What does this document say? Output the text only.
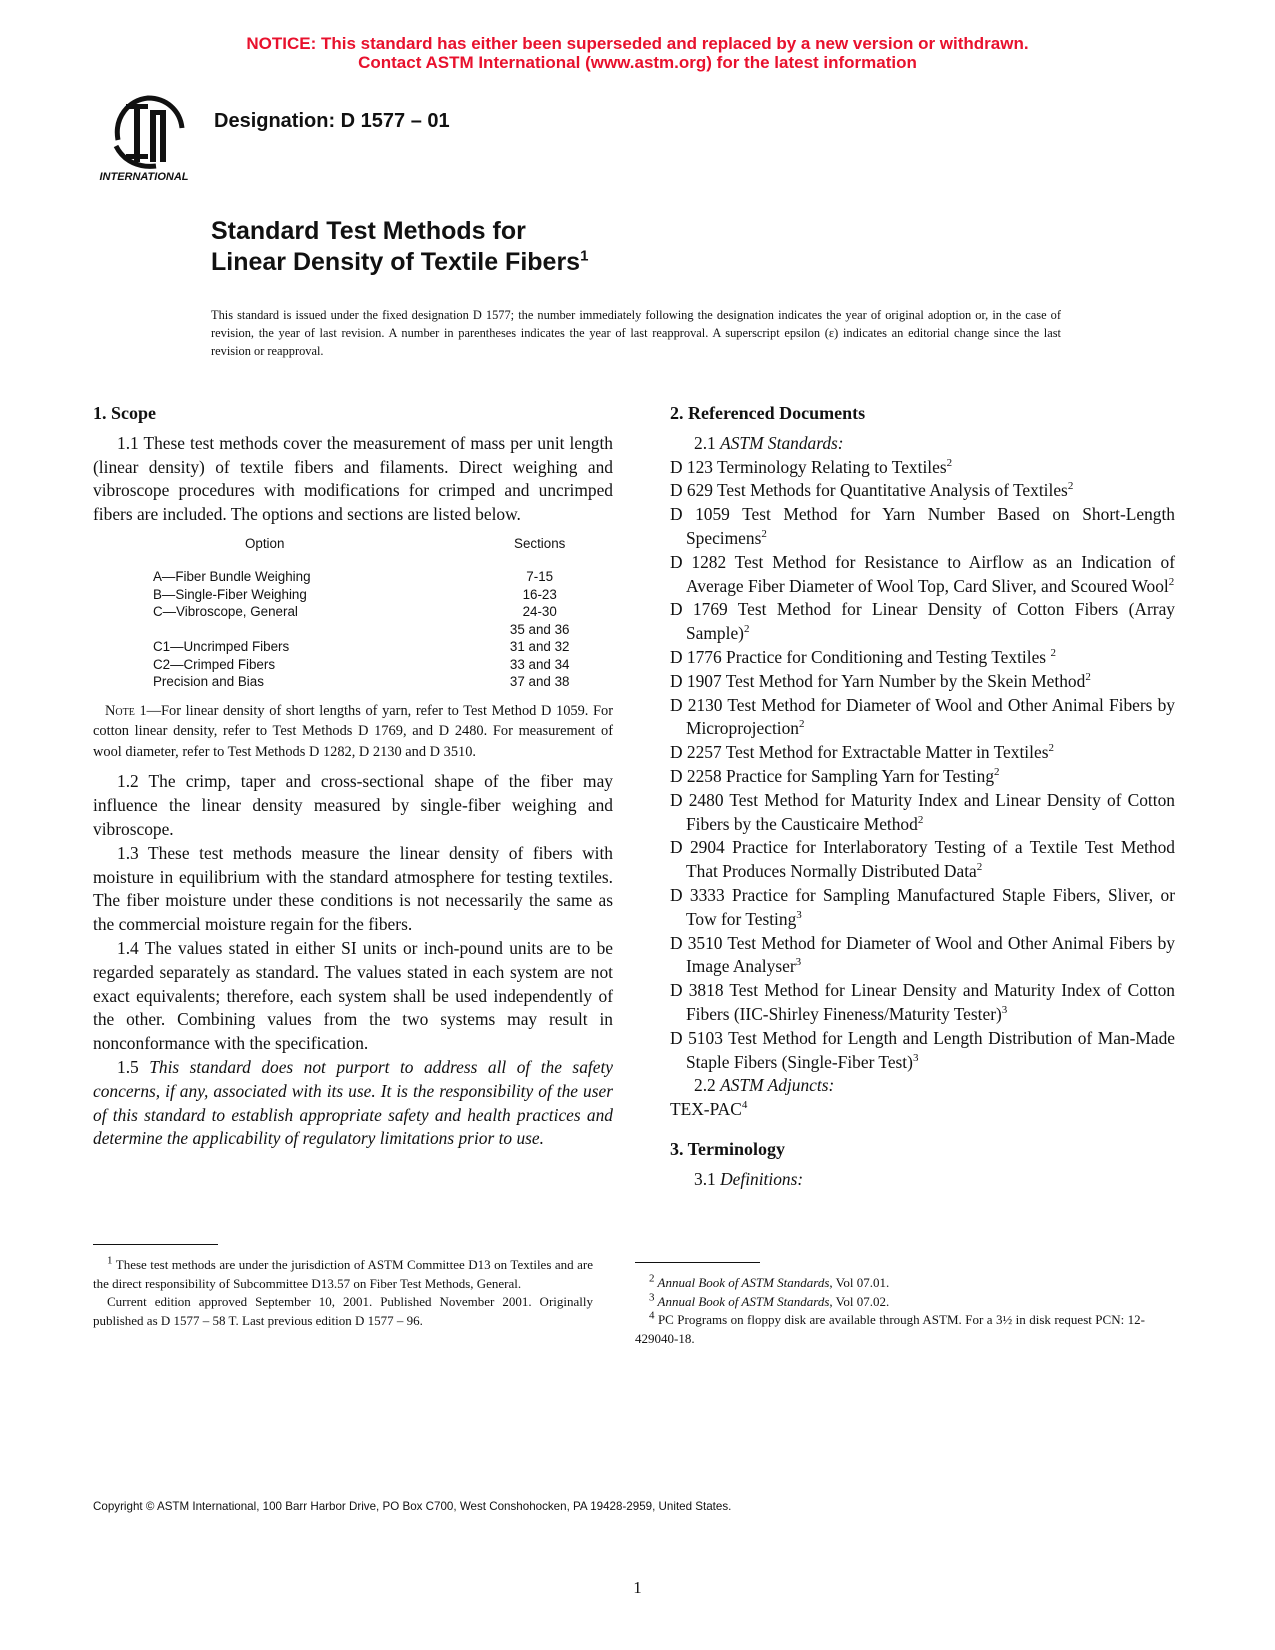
NOTICE: This standard has either been superseded and replaced by a new version or withdrawn.
Contact ASTM International (www.astm.org) for the latest information
ASTM
INTERNATIONAL
Designation: D 1577 – 01
Standard Test Methods for
Linear Density of Textile Fibers$^1$
This standard is issued under the fixed designation D 1577; the number immediately following the designation indicates the year of original adoption or, in the case of revision, the year of last revision. A number in parentheses indicates the year of last reapproval. A superscript epsilon (ε) indicates an editorial change since the last revision or reapproval.
1. Scope

1.1 These test methods cover the measurement of mass per unit length (linear density) of textile fibers and filaments. Direct weighing and vibroscope procedures with modifications for crimped and uncrimped fibers are included. The options and sections are listed below.

Option	Sections
A—Fiber Bundle Weighing	7-15
B—Single-Fiber Weighing	16-23
C—Vibroscope, General	24-30
	35 and 36
C1—Uncrimped Fibers	31 and 32
C2—Crimped Fibers	33 and 34
Precision and Bias	37 and 38

Note 1—For linear density of short lengths of yarn, refer to Test Method D 1059. For cotton linear density, refer to Test Methods D 1769, and D 2480. For measurement of wool diameter, refer to Test Methods D 1282, D 2130 and D 3510.

1.2 The crimp, taper and cross-sectional shape of the fiber may influence the linear density measured by single-fiber weighing and vibroscope.

1.3 These test methods measure the linear density of fibers with moisture in equilibrium with the standard atmosphere for testing textiles. The fiber moisture under these conditions is not necessarily the same as the commercial moisture regain for the fibers.

1.4 The values stated in either SI units or inch-pound units are to be regarded separately as standard. The values stated in each system are not exact equivalents; therefore, each system shall be used independently of the other. Combining values from the two systems may result in nonconformance with the specification.

1.5 This standard does not purport to address all of the safety concerns, if any, associated with its use. It is the responsibility of the user of this standard to establish appropriate safety and health practices and determine the applicability of regulatory limitations prior to use.

2. Referenced Documents

2.1 ASTM Standards:

D 123 Terminology Relating to Textiles$^2$

D 629 Test Methods for Quantitative Analysis of Textiles$^2$

D 1059 Test Method for Yarn Number Based on Short-Length Specimens$^2$

D 1282 Test Method for Resistance to Airflow as an Indication of Average Fiber Diameter of Wool Top, Card Sliver, and Scoured Wool$^2$

D 1769 Test Method for Linear Density of Cotton Fibers (Array Sample)$^2$

D 1776 Practice for Conditioning and Testing Textiles $^2$

D 1907 Test Method for Yarn Number by the Skein Method$^2$

D 2130 Test Method for Diameter of Wool and Other Animal Fibers by Microprojection$^2$

D 2257 Test Method for Extractable Matter in Textiles$^2$

D 2258 Practice for Sampling Yarn for Testing$^2$

D 2480 Test Method for Maturity Index and Linear Density of Cotton Fibers by the Causticaire Method$^2$

D 2904 Practice for Interlaboratory Testing of a Textile Test Method That Produces Normally Distributed Data$^2$

D 3333 Practice for Sampling Manufactured Staple Fibers, Sliver, or Tow for Testing$^3$

D 3510 Test Method for Diameter of Wool and Other Animal Fibers by Image Analyser$^3$

D 3818 Test Method for Linear Density and Maturity Index of Cotton Fibers (IIC-Shirley Fineness/Maturity Tester)$^3$

D 5103 Test Method for Length and Length Distribution of Man-Made Staple Fibers (Single-Fiber Test)$^3$

2.2 ASTM Adjuncts:

TEX-PAC$^4$

3. Terminology

3.1 Definitions:

$^1$ These test methods are under the jurisdiction of ASTM Committee D13 on Textiles and are the direct responsibility of Subcommittee D13.57 on Fiber Test Methods, General.

Current edition approved September 10, 2001. Published November 2001. Originally published as D 1577 – 58 T. Last previous edition D 1577 – 96.

$^2$ Annual Book of ASTM Standards, Vol 07.01.

$^3$ Annual Book of ASTM Standards, Vol 07.02.

$^4$ PC Programs on floppy disk are available through ASTM. For a 3½ in disk request PCN: 12-429040-18.

Copyright © ASTM International, 100 Barr Harbor Drive, PO Box C700, West Conshohocken, PA 19428-2959, United States.
1
